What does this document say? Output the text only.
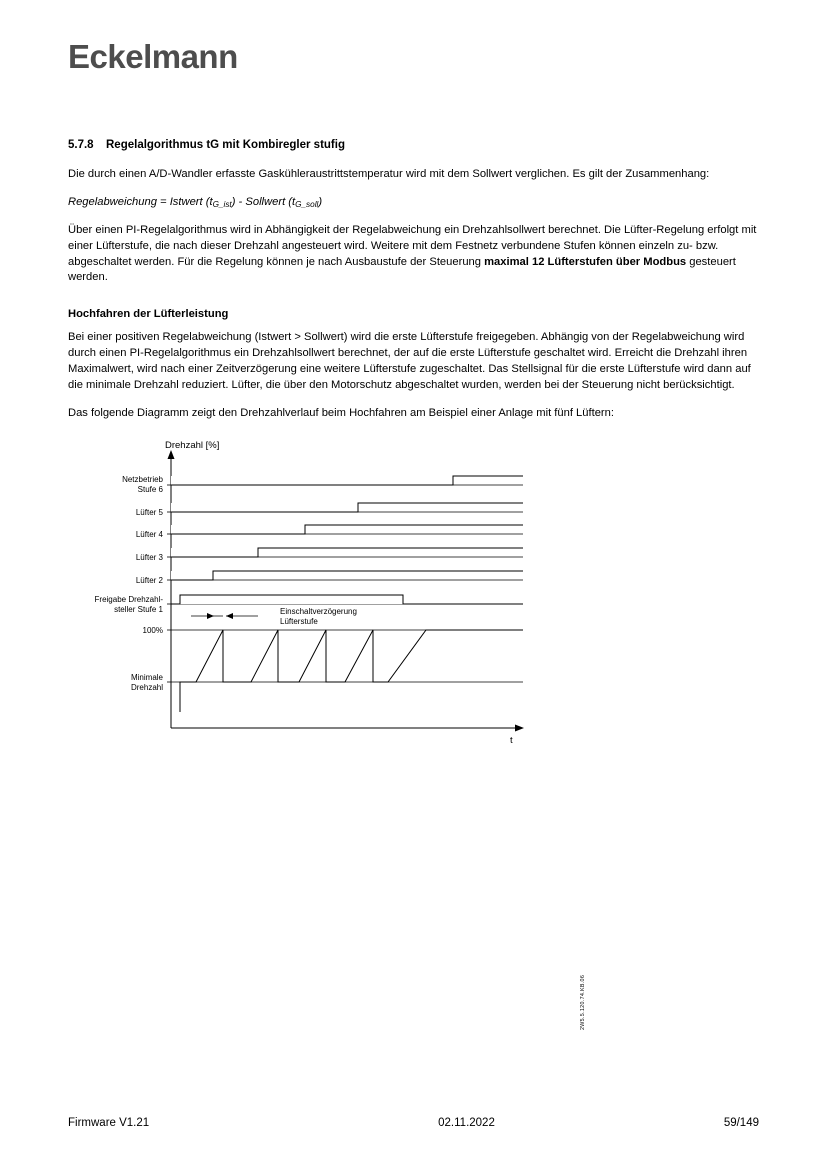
Eckelmann
5.7.8 Regelalgorithmus tG mit Kombiregler stufig

Die durch einen A/D-Wandler erfasste Gaskühleraustrittstemperatur wird mit dem Sollwert verglichen. Es gilt der Zusammenhang:

Regelabweichung = Istwert $(t_{G\_ist})$ - Sollwert $(t_{G\_soll})$

Über einen PI-Regelalgorithmus wird in Abhängigkeit der Regelabweichung ein Drehzahlsollwert berechnet. Die Lüfter-Regelung erfolgt mit einer Lüfterstufe, die nach dieser Drehzahl angesteuert wird. Weitere mit dem Festnetz verbundene Stufen können einzeln zu- bzw. abgeschaltet werden. Für die Regelung können je nach Ausbaustufe der Steuerung maximal 12 Lüfterstufen über Modbus gesteuert werden.

Hochfahren der Lüfterleistung

Bei einer positiven Regelabweichung (Istwert > Sollwert) wird die erste Lüfterstufe freigegeben. Abhängig von der Regelabweichung wird durch einen PI-Regelalgorithmus ein Drehzahlsollwert berechnet, der auf die erste Lüfterstufe geschaltet wird. Erreicht die Drehzahl ihren Maximalwert, wird nach einer Zeitverzögerung eine weitere Lüfterstufe zugeschaltet. Das Stellsignal für die erste Lüfterstufe wird dann auf die minimale Drehzahl reduziert. Lüfter, die über den Motorschutz abgeschaltet wurden, werden bei der Steuerung nicht berücksichtigt.

Das folgende Diagramm zeigt den Drehzahlverlauf beim Hochfahren am Beispiel einer Anlage mit fünf Lüftern:

Drehzahl [%]
t
Einschaltverzögerung
Lüfterstufe
Netzbetrieb
Stufe 6
Lüfter 5
Lüfter 4
Lüfter 3
Lüfter 2
Freigabe Drehzahl-
steller Stufe 1
100%
Minimale
Drehzahl
2W5.5.120.74.KB.06
Firmware V1.21	02.11.2022	59/149
